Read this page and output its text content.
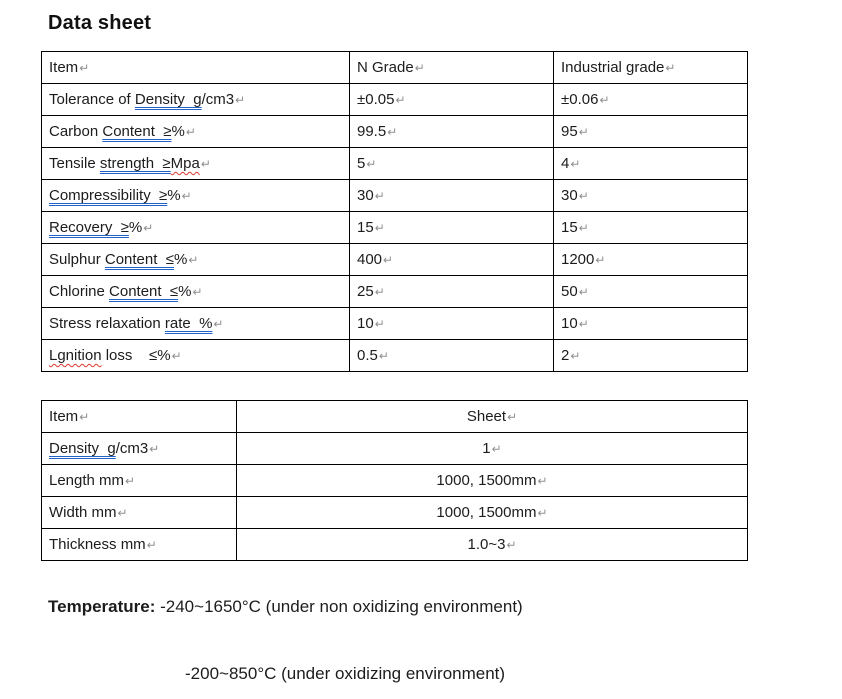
Data sheet
Item↵	N Grade↵	Industrial grade↵
Tolerance of Density  g/cm3↵	±0.05↵	±0.06↵
Carbon Content  ≥%↵	99.5↵	95↵
Tensile strength  ≥Mpa↵	5↵	4↵
Compressibility  ≥%↵	30↵	30↵
Recovery  ≥%↵	15↵	15↵
Sulphur Content  ≤%↵	400↵	1200↵
Chlorine Content  ≤%↵	25↵	50↵
Stress relaxation rate  %↵	10↵	10↵
Lgnition loss    ≤%↵	0.5↵	2↵
Item↵	Sheet↵
Density  g/cm3↵	1↵
Length mm↵	1000, 1500mm↵
Width mm↵	1000, 1500mm↵
Thickness mm↵	1.0~3↵

Temperature: -240~1650°C (under non oxidizing environment)

-200~850°C (under oxidizing environment)
